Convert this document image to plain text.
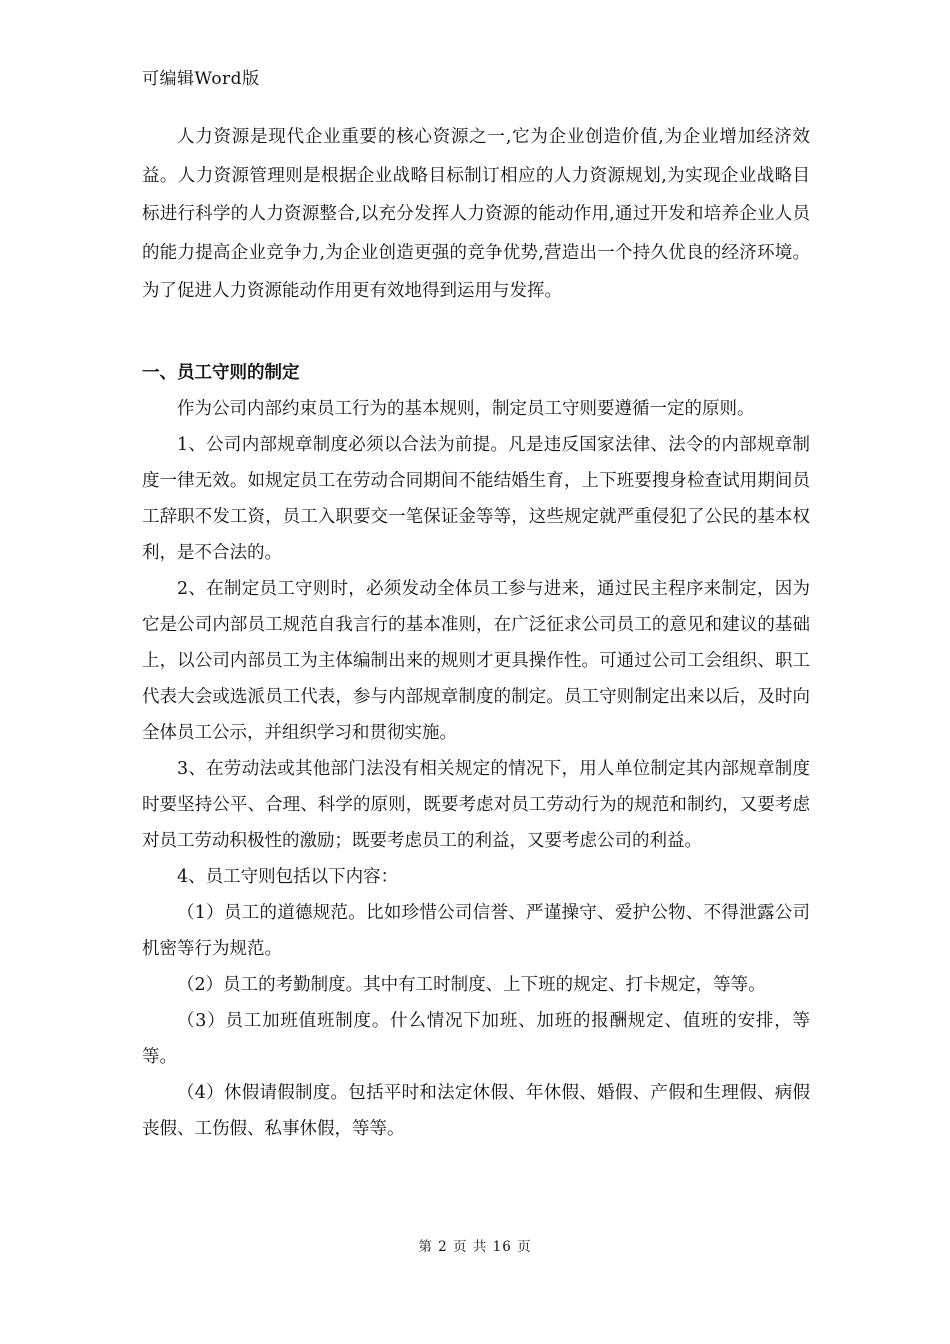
可编辑Word版

人力资源是现代企业重要的核心资源之一,它为企业创造价值,为企业增加经济效益。人力资源管理则是根据企业战略目标制订相应的人力资源规划,为实现企业战略目标进行科学的人力资源整合,以充分发挥人力资源的能动作用,通过开发和培养企业人员的能力提高企业竞争力,为企业创造更强的竞争优势,营造出一个持久优良的经济环境。为了促进人力资源能动作用更有效地得到运用与发挥。

一、员工守则的制定

作为公司内部约束员工行为的基本规则，制定员工守则要遵循一定的原则。

1、公司内部规章制度必须以合法为前提。凡是违反国家法律、法令的内部规章制度一律无效。如规定员工在劳动合同期间不能结婚生育，上下班要搜身检查试用期间员工辞职不发工资，员工入职要交一笔保证金等等，这些规定就严重侵犯了公民的基本权利，是不合法的。

2、在制定员工守则时，必须发动全体员工参与进来，通过民主程序来制定，因为它是公司内部员工规范自我言行的基本准则，在广泛征求公司员工的意见和建议的基础上，以公司内部员工为主体编制出来的规则才更具操作性。可通过公司工会组织、职工代表大会或选派员工代表，参与内部规章制度的制定。员工守则制定出来以后，及时向全体员工公示，并组织学习和贯彻实施。

3、在劳动法或其他部门法没有相关规定的情况下，用人单位制定其内部规章制度时要坚持公平、合理、科学的原则，既要考虑对员工劳动行为的规范和制约，又要考虑对员工劳动积极性的激励；既要考虑员工的利益，又要考虑公司的利益。

4、员工守则包括以下内容：

（1）员工的道德规范。比如珍惜公司信誉、严谨操守、爱护公物、不得泄露公司机密等行为规范。

（2）员工的考勤制度。其中有工时制度、上下班的规定、打卡规定，等等。

（3）员工加班值班制度。什么情况下加班、加班的报酬规定、值班的安排，等等。

（4）休假请假制度。包括平时和法定休假、年休假、婚假、产假和生理假、病假丧假、工伤假、私事休假，等等。

第 2 页 共 16 页
